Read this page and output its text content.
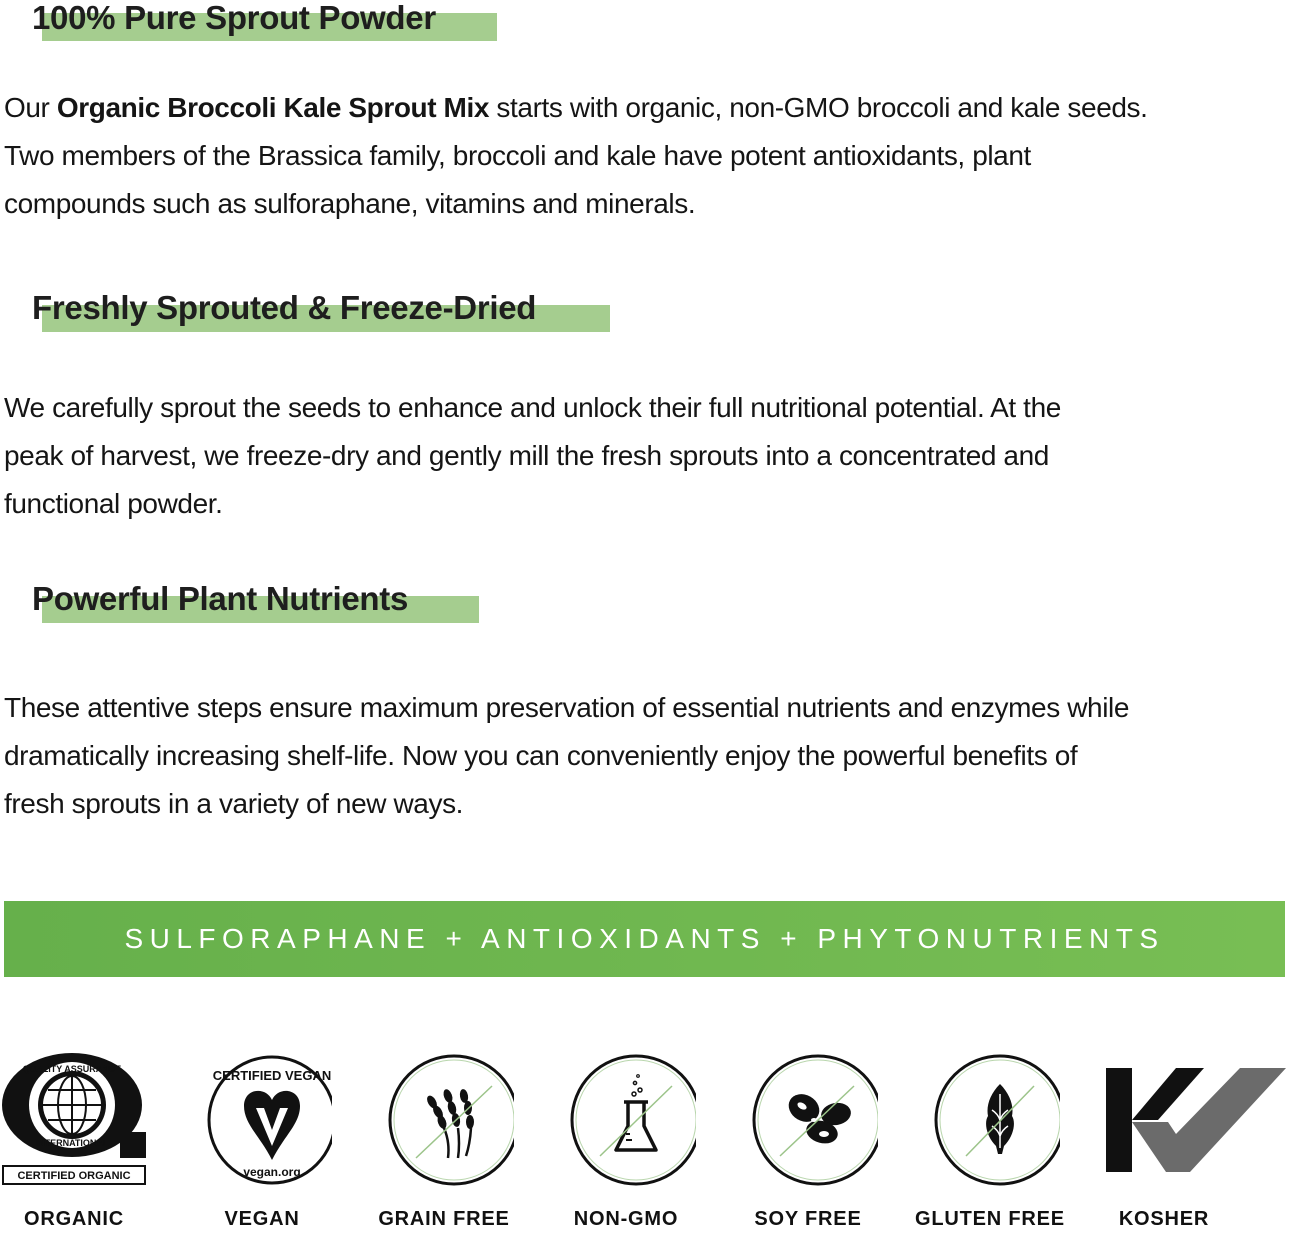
100% Pure Sprout Powder

Our Organic Broccoli Kale Sprout Mix starts with organic, non-GMO broccoli and kale seeds.
Two members of the Brassica family, broccoli and kale have potent antioxidants, plant
compounds such as sulforaphane, vitamins and minerals.

Freshly Sprouted & Freeze-Dried

We carefully sprout the seeds to enhance and unlock their full nutritional potential. At the
peak of harvest, we freeze-dry and gently mill the fresh sprouts into a concentrated and
functional powder.

Powerful Plant Nutrients

These attentive steps ensure maximum preservation of essential nutrients and enzymes while
dramatically increasing shelf-life. Now you can conveniently enjoy the powerful benefits of
fresh sprouts in a variety of new ways.

SULFORAPHANE + ANTIOXIDANTS + PHYTONUTRIENTS
QUALITY ASSURANCE
INTERNATIONAL
CERTIFIED ORGANIC
ORGANIC
CERTIFIED VEGAN
vegan.org
VEGAN	GRAIN FREE	NON-GMO	SOY FREE	GLUTEN FREE	KOSHER
